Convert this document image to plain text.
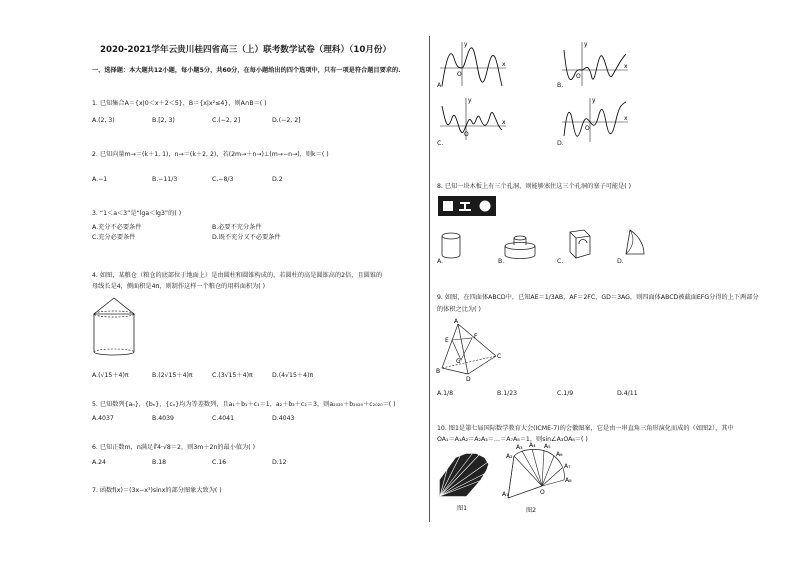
2020-2021学年云贵川桂四省高三（上）联考数学试卷（理科）（10月份）
一、选择题：本大题共12小题，每小题5分，共60分，在每小题给出的四个选项中，只有一项是符合题目要求的.
1. 已知集合A＝{x|0＜x＋2＜5}，B＝{x|x²≤4}，则A∩B＝( )
A.(2, 3)	B.[2, 3)	C.(−2, 2]	D.(−2, 2]
2. 已知向量m→＝(k＋1, 1)，n→＝(k＋2, 2)，若(2m→＋n→)⊥(m→−n→)，则k＝( )
A.−1	B.−11/3	C.−8/3	D.2
3. “1＜a＜3”是“lga＜lg3”的( )
A.充分不必要条件	B.必要不充分条件
C.充分必要条件	D.既不充分又不必要条件
4. 如图，某粮仓（粮仓的底部位于地面上）是由圆柱和圆锥构成的，若圆柱的高是圆锥高的2倍，且圆锥的
母线长是4，侧面积是4π，则制作这样一个粮仓的用料面积为( )
A.(√15＋4)π	B.(2√15＋4)π	C.(3√15＋4)π	D.(4√15＋4)π
5. 已知数列{aₙ}，{bₙ}，{cₙ}均为等差数列，且a₁＋b₁＋c₁＝1，a₂＋b₂＋c₂＝3，则a₂₀₂₀＋b₂₀₂₀＋c₂₀₂₀＝( )
A.4037	B.4039	C.4041	D.4043
6. 已知正数m，n满足∜4·√8＝2，则3m＋2n的最小值为( )
A.24	B.18	C.16	D.12
7. 函数f(x)＝(3x−x³)sinx的部分图象大致为( )
y
x
O
A.
y
x
O
B.
y
x
O
C.
y
x
O
D.
8. 已知一块木板上有三个孔洞，则能够塞住这三个孔洞的塞子可能是( )
A.	B.	C.	D.
9. 如图，在四面体ABCD中，已知AE＝1/3AB，AF＝2FC，GD＝3AG，则四面体ABCD被截面EFG分得的上下两部分
的体积之比为( )
A
B
C
D
E
F
G
A.1/8	B.1/23	C.1/9	D.4/11
10. 图1是第七届国际数学教育大会(ICME-7)的会徽图案，它是由一串直角三角形演化而成的（如图2），其中
OA₁＝A₁A₂＝A₂A₃＝…＝A₇A₈＝1，则sin∠A₃OA₈＝( )
图1
A₁
A₂
A₃ A₄ A₅
A₆
A₇
A₈
O
图2
